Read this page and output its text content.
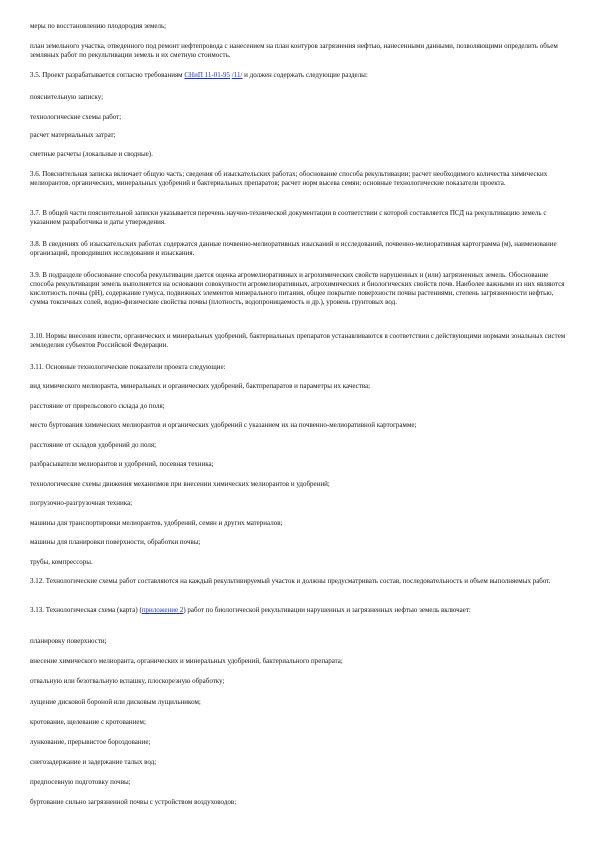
меры по восстановлению плодородия земель;

план земельного участка, отведенного под ремонт нефтепровода с нанесением на план контуров загрязнения нефтью, нанесенными данными, позволяющими определить объем земляных работ по рекультивации земель и их сметную стоимость.

3.5. Проект разрабатывается согласно требованиям СНиП 11-01-95 /11/ и должен содержать следующие разделы:

пояснительную записку;

технологические схемы работ;

расчет материальных затрат;

сметные расчеты (локальные и сводные).

3.6. Пояснительная записка включает общую часть; сведения об изыскательских работах; обоснование способа рекультивации; расчет необходимого количества химических мелиорантов, органических, минеральных удобрений и бактериальных препаратов; расчет норм высева семян; основные технологические показатели проекта.

3.7. В общей части пояснительной записки указывается перечень научно-технической документации в соответствии с которой составляется ПСД на рекультивацию земель с указанием разработчика и даты утверждения.

3.8. В сведениях об изыскательских работах содержатся данные почвенно-мелиоративных изысканий и исследований, почвенно-мелиоративная картограмма (м), наименование организаций, проводивших исследования и изыскания.

3.9. В подразделе обоснование способа рекультивации дается оценка агромелиоративных и агрохимических свойств нарушенных и (или) загрязненных земель. Обоснование способа рекультивации земель выполняется на основании совокупности агромелиоративных, агрохимических и биологических свойств почв. Наиболее важными из них являются кислотность почвы (pH), содержание гумуса, подвижных элементов минерального питания, общее покрытие поверхности почвы растениями, степень загрязненности нефтью, сумма токсичных солей, водно-физические свойства почвы (плотность, водопроницаемость и др.), уровень грунтовых вод.

3.10. Нормы внесения извести, органических и минеральных удобрений, бактериальных препаратов устанавливаются в соответствии с действующими нормами зональных систем земледелия субъектов Российской Федерации.

3.11. Основные технологические показатели проекта следующие:

вид химического мелиоранта, минеральных и органических удобрений, бактпрепаратов и параметры их качества;

расстояние от прирельсового склада до поля;

место буртования химических мелиорантов и органических удобрений с указанием их на почвенно-мелиоративной картограмме;

расстояние от складов удобрений до поля;

разбрасыватели мелиорантов и удобрений, посевная техника;

технологические схемы движения механизмов при внесении химических мелиорантов и удобрений;

погрузочно-разгрузочная техника;

машины для транспортировки мелиорантов, удобрений, семян и других материалов;

машины для планировки поверхности, обработки почвы;

трубы, компрессоры.

3.12. Технологические схемы работ составляются на каждый рекультивируемый участок и должны предусматривать состав, последовательность и объем выполняемых работ.

3.13. Технологическая схема (карта) (приложение 2) работ по биологической рекультивации нарушенных и загрязненных нефтью земель включает:

планировку поверхности;

внесение химического мелиоранта, органических и минеральных удобрений, бактериального препарата;

отвальную или безотвальную вспашку, плоскорезную обработку;

лущение дисковой бороной или дисковым лущильником;

кротование, щелевание с кротованием;

лункование, прерывистое бороздование;

снегозадержание и задержание талых вод;

предпосевную подготовку почвы;

буртование сильно загрязненной почвы с устройством воздуховодов;
